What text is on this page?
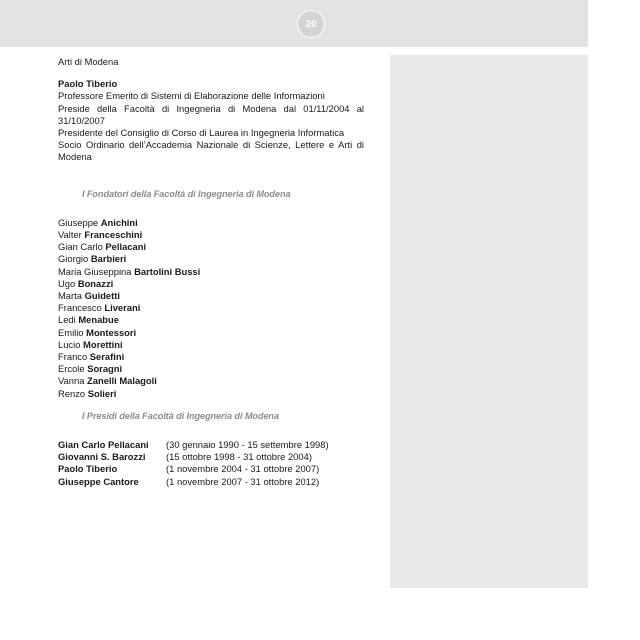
20
Arti di Modena
Paolo Tiberio
Professore Emerito di Sistemi di Elaborazione delle Informazioni
Preside della Facoltà di Ingegneria di Modena dal 01/11/2004 al 31/10/2007
Presidente del Consiglio di Corso di Laurea in Ingegneria Informatica
Socio Ordinario dell’Accademia Nazionale di Scienze, Lettere e Arti di Modena
I Fondatori della Facoltà di Ingegneria di Modena
Giuseppe Anichini
Valter Franceschini
Gian Carlo Pellacani
Giorgio Barbieri
Maria Giuseppina Bartolini Bussi
Ugo Bonazzi
Marta Guidetti
Francesco Liverani
Ledi Menabue
Emilio Montessori
Lucio Morettini
Franco Serafini
Ercole Soragni
Vanna Zanelli Malagoli
Renzo Solieri
I Presidi della Facoltà di Ingegneria di Modena
Gian Carlo Pellacani	(30 gennaio 1990 - 15 settembre 1998)
Giovanni S. Barozzi	(15 ottobre 1998 - 31 ottobre 2004)
Paolo Tiberio	(1 novembre 2004 - 31 ottobre 2007)
Giuseppe Cantore	(1 novembre 2007 - 31 ottobre 2012)
